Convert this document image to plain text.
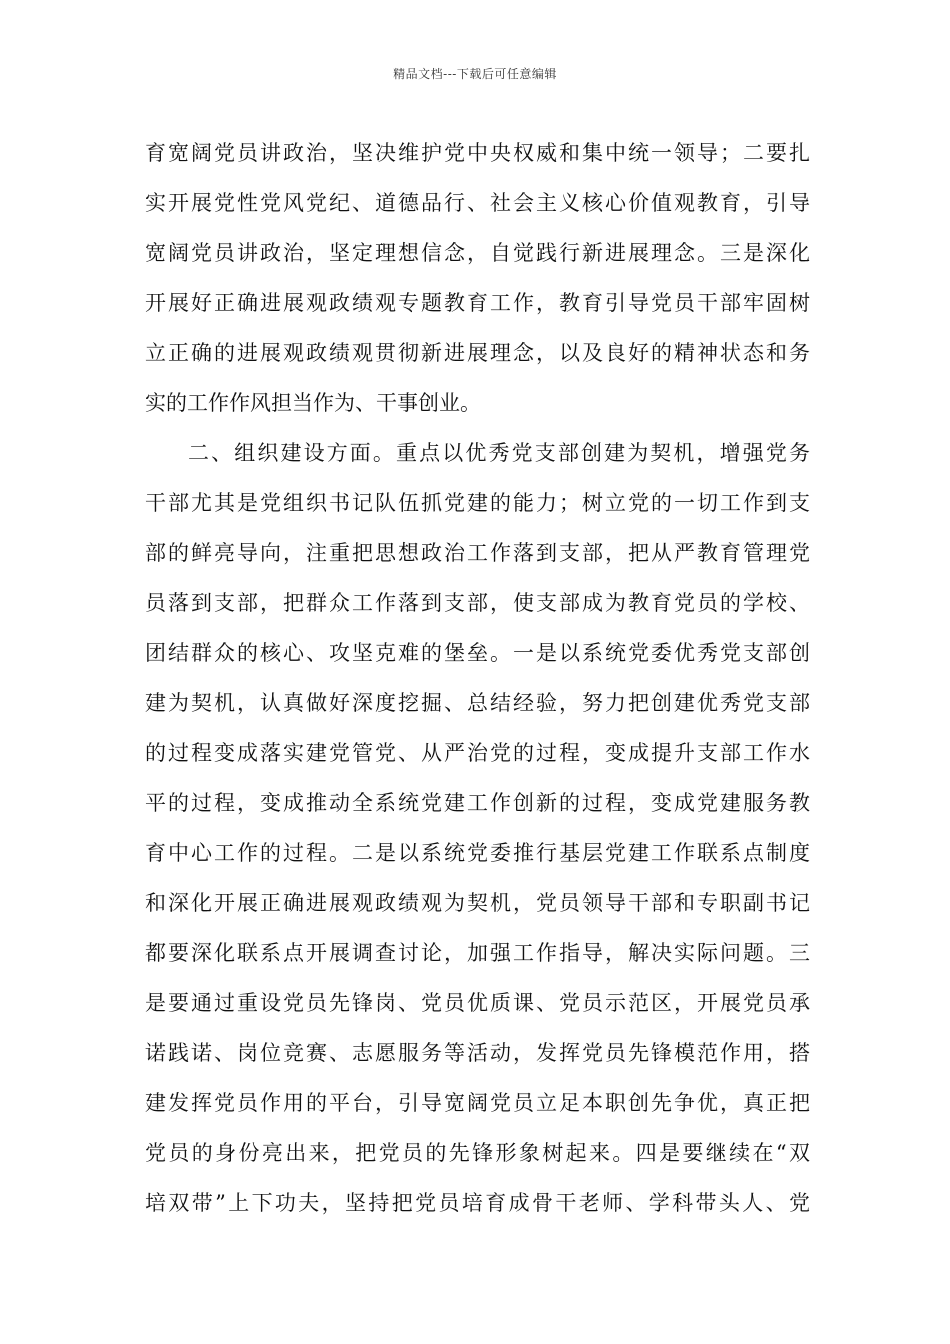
精品文档---下载后可任意编辑
育宽阔党员讲政治，坚决维护党中央权威和集中统一领导；二要扎
实开展党性党风党纪、道德品行、社会主义核心价值观教育，引导
宽阔党员讲政治，坚定理想信念，自觉践行新进展理念。三是深化
开展好正确进展观政绩观专题教育工作，教育引导党员干部牢固树
立正确的进展观政绩观贯彻新进展理念，以及良好的精神状态和务
实的工作作风担当作为、干事创业。
二、组织建设方面。重点以优秀党支部创建为契机，增强党务
干部尤其是党组织书记队伍抓党建的能力；树立党的一切工作到支
部的鲜亮导向，注重把思想政治工作落到支部，把从严教育管理党
员落到支部，把群众工作落到支部，使支部成为教育党员的学校、
团结群众的核心、攻坚克难的堡垒。一是以系统党委优秀党支部创
建为契机，认真做好深度挖掘、总结经验，努力把创建优秀党支部
的过程变成落实建党管党、从严治党的过程，变成提升支部工作水
平的过程，变成推动全系统党建工作创新的过程，变成党建服务教
育中心工作的过程。二是以系统党委推行基层党建工作联系点制度
和深化开展正确进展观政绩观为契机，党员领导干部和专职副书记
都要深化联系点开展调查讨论，加强工作指导，解决实际问题。三
是要通过重设党员先锋岗、党员优质课、党员示范区，开展党员承
诺践诺、岗位竞赛、志愿服务等活动，发挥党员先锋模范作用，搭
建发挥党员作用的平台，引导宽阔党员立足本职创先争优，真正把
党员的身份亮出来，把党员的先锋形象树起来。四是要继续在“双
培双带”上下功夫，坚持把党员培育成骨干老师、学科带头人、党
